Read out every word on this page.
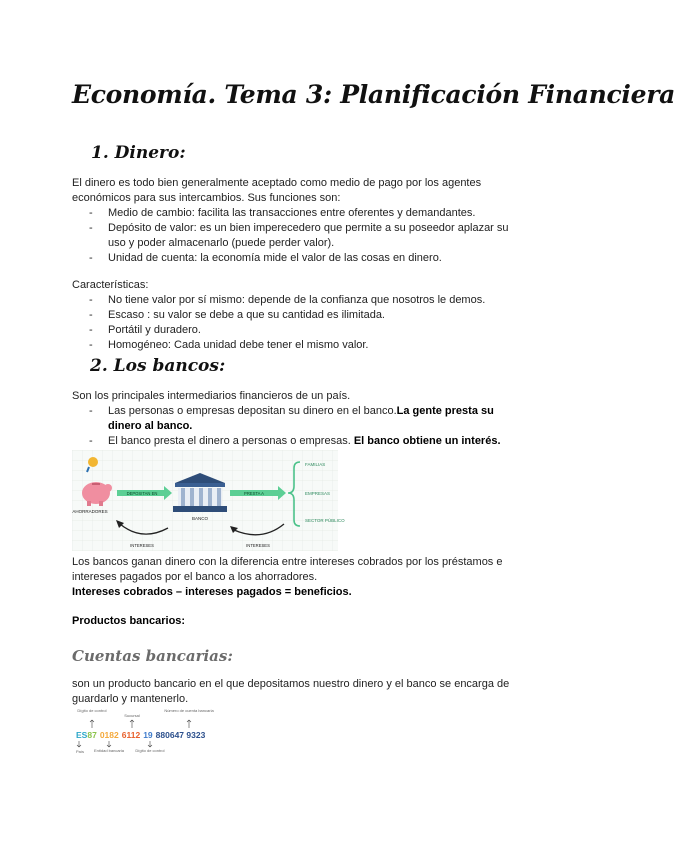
Economía. Tema 3: Planificación Financiera
1. Dinero:
El dinero es todo bien generalmente aceptado como medio de pago por los agentes
económicos para sus intercambios. Sus funciones son:
- Medio de cambio: facilita las transacciones entre oferentes y demandantes.
- Depósito de valor: es un bien imperecedero que permite a su poseedor aplazar su
uso y poder almacenarlo (puede perder valor).
- Unidad de cuenta: la economía mide el valor de las cosas en dinero.
Características:
- No tiene valor por sí mismo: depende de la confianza que nosotros le demos.
- Escaso : su valor se debe a que su cantidad es ilimitada.
- Portátil y duradero.
- Homogéneo: Cada unidad debe tener el mismo valor.
2. Los bancos:
Son los principales intermediarios financieros de un país.
- Las personas o empresas depositan su dinero en el banco.La gente presta su
dinero al banco.
- El banco presta el dinero a personas o empresas. El banco obtiene un interés.
AHORRADORES
DEPOSITAN EN
BANCO
PRESTA A
FAMILIAS
EMPRESAS
SECTOR PÚBLICO
INTERESES	INTERESES
Los bancos ganan dinero con la diferencia entre intereses cobrados por los préstamos e
intereses pagados por el banco a los ahorradores.
Intereses cobrados – intereses pagados = beneficios.
Productos bancarios:
Cuentas bancarias:
son un producto bancario en el que depositamos nuestro dinero y el banco se encarga de
guardarlo y mantenerlo.
Dígito de control
Sucursal
Número de cuenta bancaria
ES87 0182 6112 19 880647 9323
País Entidad bancaria	Dígito de control
